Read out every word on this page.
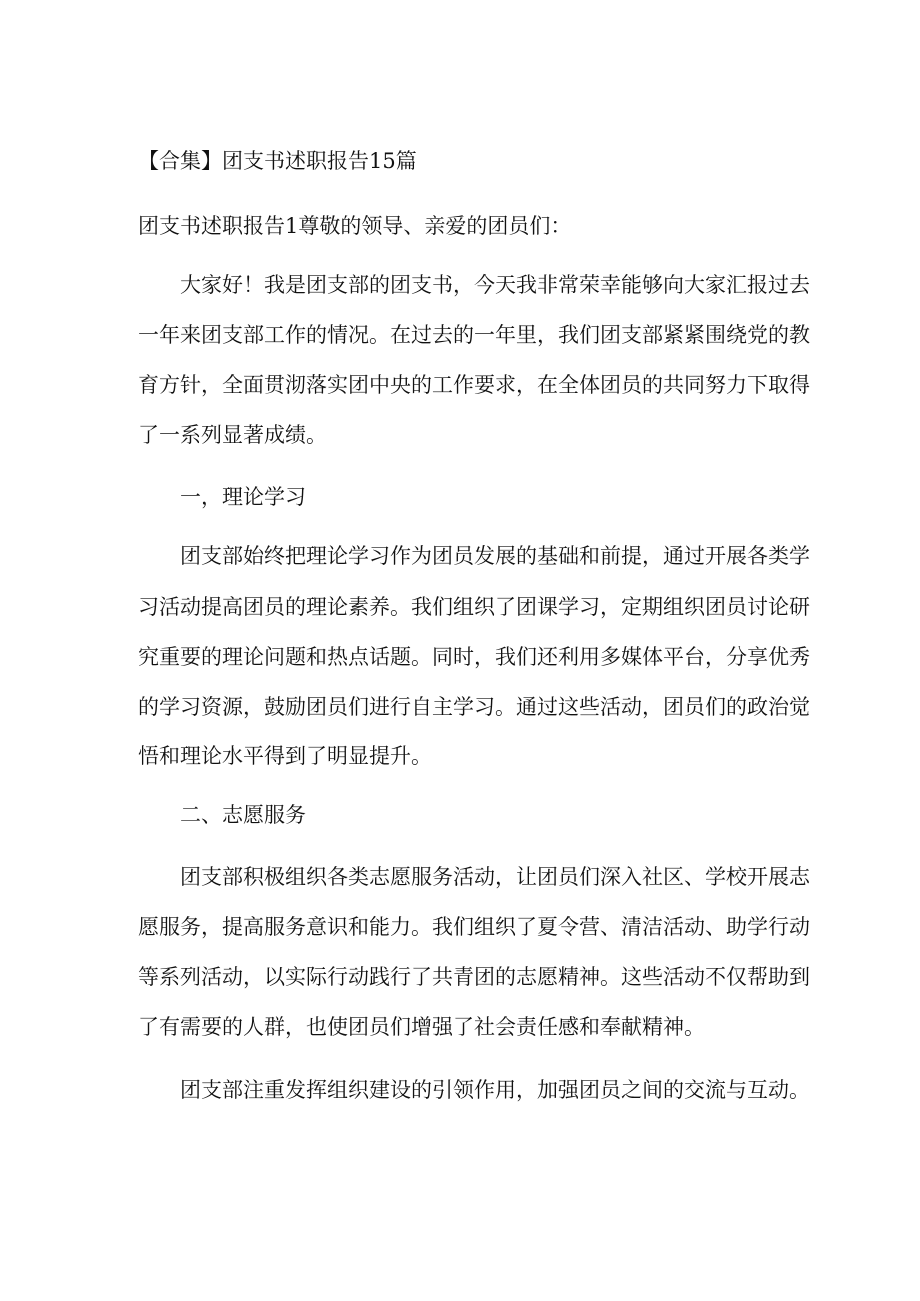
【合集】团支书述职报告15篇
团支书述职报告1尊敬的领导、亲爱的团员们：
大家好！我是团支部的团支书，今天我非常荣幸能够向大家汇报过去
一年来团支部工作的情况。在过去的一年里，我们团支部紧紧围绕党的教
育方针，全面贯沏落实团中央的工作要求，在全体团员的共同努力下取得
了一系列显著成绩。
一，理论学习
团支部始终把理论学习作为团员发展的基础和前提，通过开展各类学
习活动提高团员的理论素养。我们组织了团课学习，定期组织团员讨论研
究重要的理论问题和热点话题。同时，我们还利用多媒体平台，分享优秀
的学习资源，鼓励团员们进行自主学习。通过这些活动，团员们的政治觉
悟和理论水平得到了明显提升。
二、志愿服务
团支部积极组织各类志愿服务活动，让团员们深入社区、学校开展志
愿服务，提高服务意识和能力。我们组织了夏令营、清洁活动、助学行动
等系列活动，以实际行动践行了共青团的志愿精神。这些活动不仅帮助到
了有需要的人群，也使团员们增强了社会责任感和奉献精神。
团支部注重发挥组织建设的引领作用，加强团员之间的交流与互动。
